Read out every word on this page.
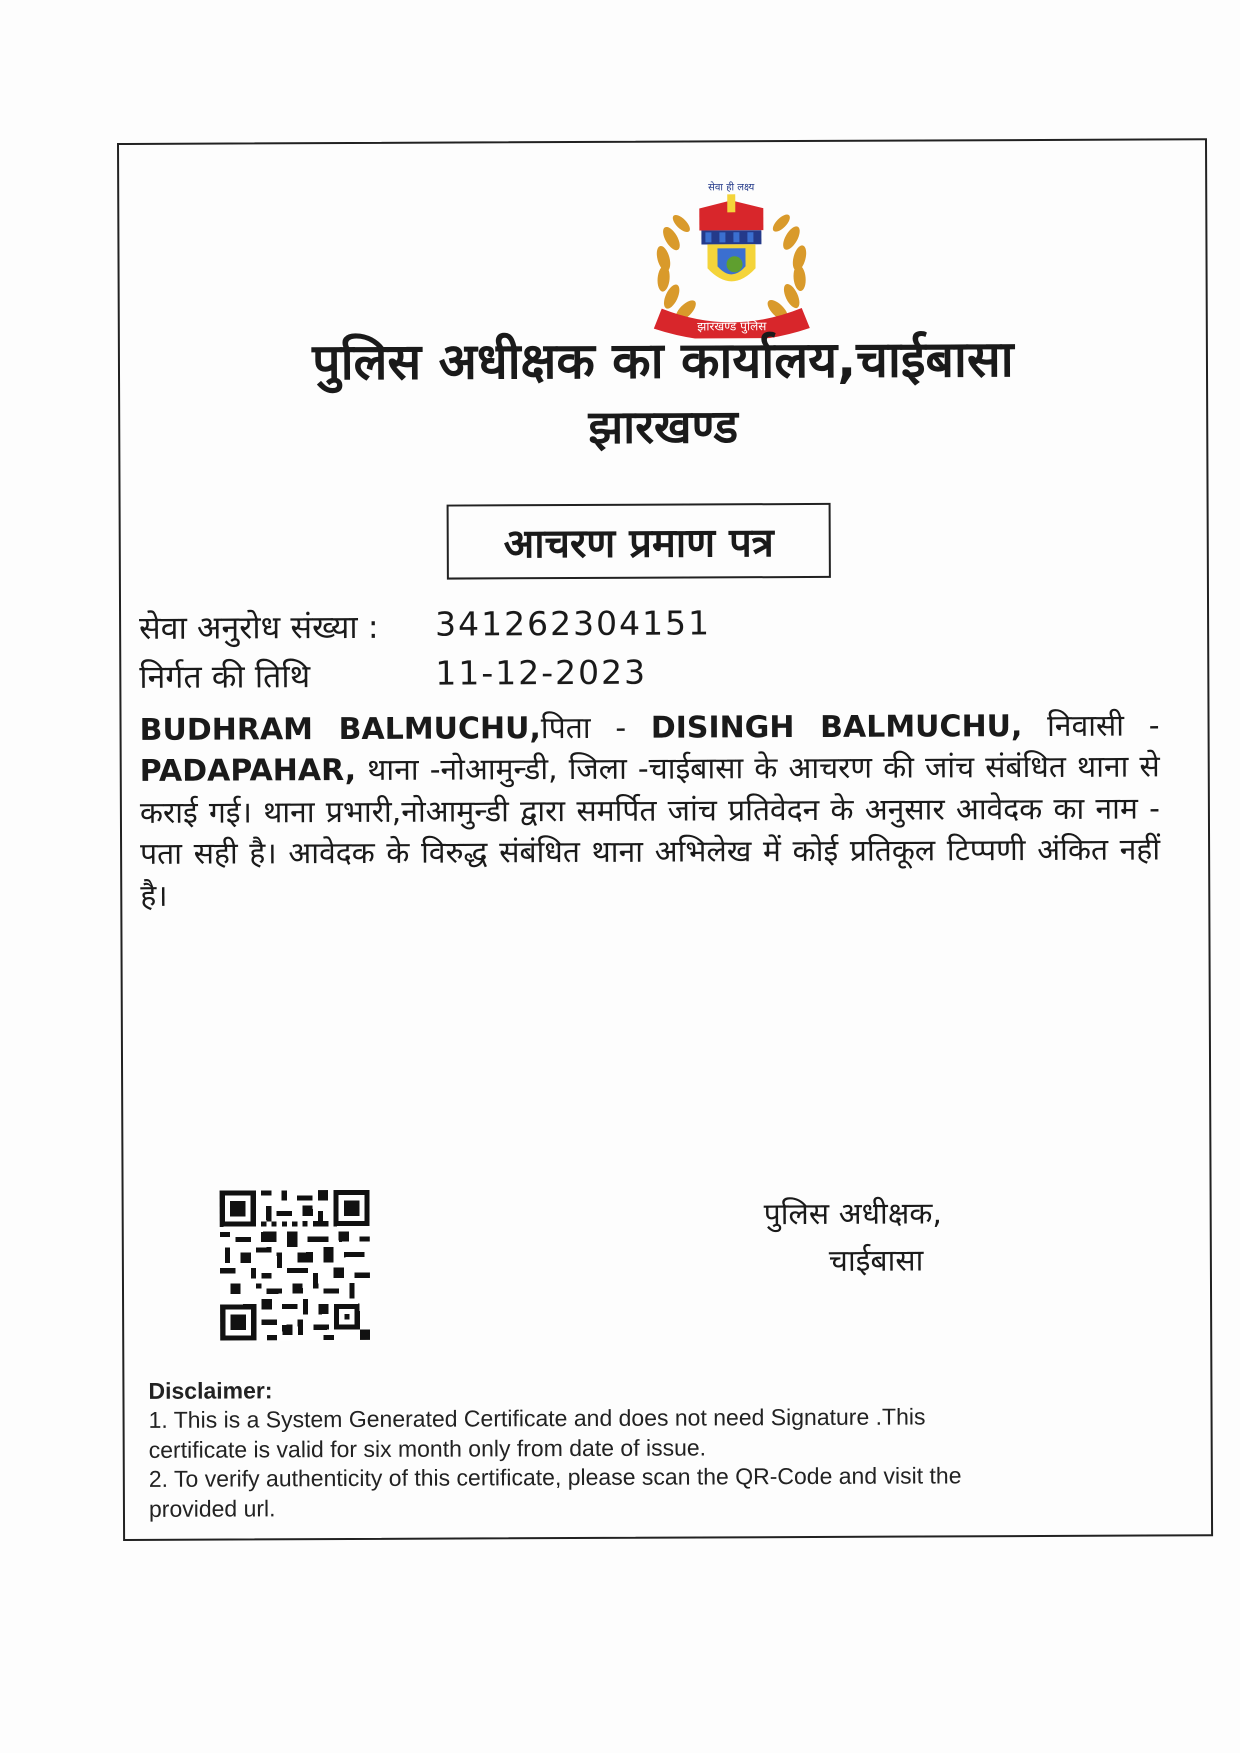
झारखण्ड पुलिस
सेवा ही लक्ष्य
पुलिस अधीक्षक का कार्यालय,चाईबासा
झारखण्ड
आचरण प्रमाण पत्र
सेवा अनुरोध संख्या :	341262304151
निर्गत की तिथि	11-12-2023
BUDHRAM BALMUCHU,पिता - DISINGH BALMUCHU, निवासी - PADAPAHAR, थाना -नोआमुन्डी, जिला -चाईबासा के आचरण की जांच संबंधित थाना से कराई गई। थाना प्रभारी,नोआमुन्डी द्वारा समर्पित जांच प्रतिवेदन के अनुसार आवेदक का नाम - पता सही है। आवेदक के विरुद्ध संबंधित थाना अभिलेख में कोई प्रतिकूल टिप्पणी अंकित नहीं है।
पुलिस अधीक्षक,
चाईबासा
Disclaimer:
1. This is a System Generated Certificate and does not need Signature .This certificate is valid for six month only from date of issue.
2. To verify authenticity of this certificate, please scan the QR-Code and visit the provided url.
